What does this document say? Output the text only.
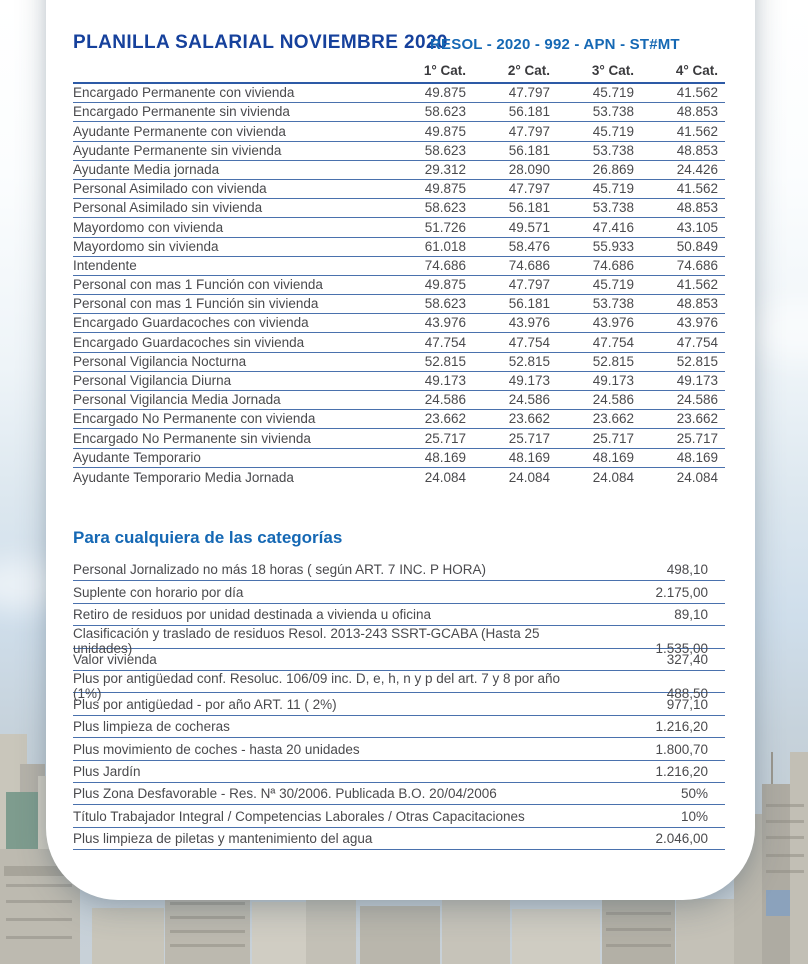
PLANILLA SALARIAL NOVIEMBRE 2020
RESOL - 2020 - 992 - APN - ST#MT
1° Cat.	2° Cat.	3° Cat.	4° Cat.
Encargado Permanente con vivienda	49.875	47.797	45.719	41.562
Encargado Permanente sin vivienda	58.623	56.181	53.738	48.853
Ayudante Permanente con vivienda	49.875	47.797	45.719	41.562
Ayudante Permanente sin vivienda	58.623	56.181	53.738	48.853
Ayudante Media jornada	29.312	28.090	26.869	24.426
Personal Asimilado con vivienda	49.875	47.797	45.719	41.562
Personal Asimilado sin vivienda	58.623	56.181	53.738	48.853
Mayordomo con vivienda	51.726	49.571	47.416	43.105
Mayordomo sin vivienda	61.018	58.476	55.933	50.849
Intendente	74.686	74.686	74.686	74.686
Personal con mas 1 Función con vivienda	49.875	47.797	45.719	41.562
Personal con mas 1 Función sin vivienda	58.623	56.181	53.738	48.853
Encargado Guardacoches con vivienda	43.976	43.976	43.976	43.976
Encargado Guardacoches sin vivienda	47.754	47.754	47.754	47.754
Personal Vigilancia Nocturna	52.815	52.815	52.815	52.815
Personal Vigilancia Diurna	49.173	49.173	49.173	49.173
Personal Vigilancia Media Jornada	24.586	24.586	24.586	24.586
Encargado No Permanente con vivienda	23.662	23.662	23.662	23.662
Encargado No Permanente sin vivienda	25.717	25.717	25.717	25.717
Ayudante Temporario	48.169	48.169	48.169	48.169
Ayudante Temporario Media Jornada	24.084	24.084	24.084	24.084
Para cualquiera de las categorías
Personal Jornalizado no más 18 horas ( según ART. 7 INC. P HORA)	498,10
Suplente con horario por día	2.175,00
Retiro de residuos por unidad destinada a vivienda u oficina	89,10
Clasificación y traslado de residuos Resol. 2013-243 SSRT-GCABA (Hasta 25 unidades)	1.535,00
Valor vivienda	327,40
Plus por antigüedad conf. Resoluc. 106/09 inc. D, e, h, n y p del art. 7 y 8 por año (1%)	488,50
Plus por antigüedad - por año ART. 11 ( 2%)	977,10
Plus limpieza de cocheras	1.216,20
Plus movimiento de coches - hasta 20 unidades	1.800,70
Plus Jardín	1.216,20
Plus Zona Desfavorable - Res. Nª 30/2006. Publicada B.O. 20/04/2006	50%
Título Trabajador Integral / Competencias Laborales / Otras Capacitaciones	10%
Plus limpieza de piletas y mantenimiento del agua	2.046,00
